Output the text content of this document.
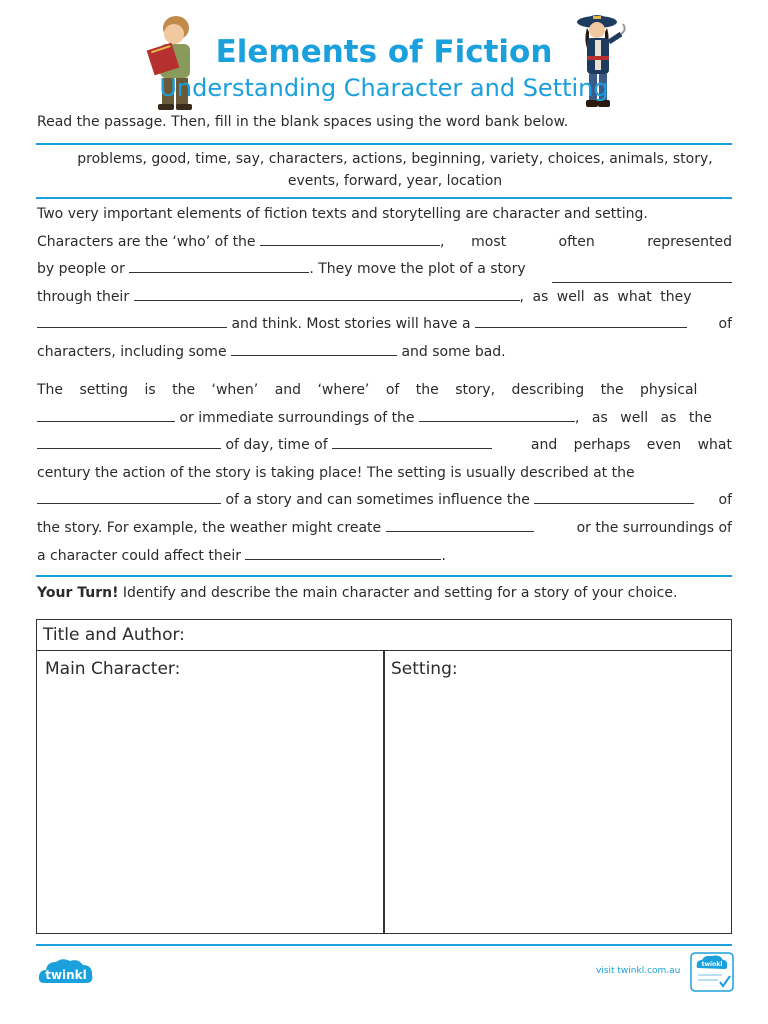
Elements of Fiction
Understanding Character and Setting
Read the passage. Then, fill in the blank spaces using the word bank below.
problems, good, time, say, characters, actions, beginning, variety, choices, animals, story,
events, forward, year, location
Two very important elements of fiction texts and storytelling are character and setting.
Characters are the ‘who’ of the	, most often represented
by people or	. They move the plot of a story
through their	, as well as what they
and think. Most stories will have a	of
characters, including some	and some bad.
The setting is the ‘when’ and ‘where’ of the story, describing the physical
or immediate surroundings of the	, as well as the
of day, time of	and perhaps even what
century the action of the story is taking place! The setting is usually described at the
of a story and can sometimes influence the	of
the story. For example, the weather might create	or the surroundings of
a character could affect their	.
Your Turn! Identify and describe the main character and setting for a story of your choice.
Title and Author:
Main Character:	Setting:
twinkl	visit twinkl.com.au
twinkl
